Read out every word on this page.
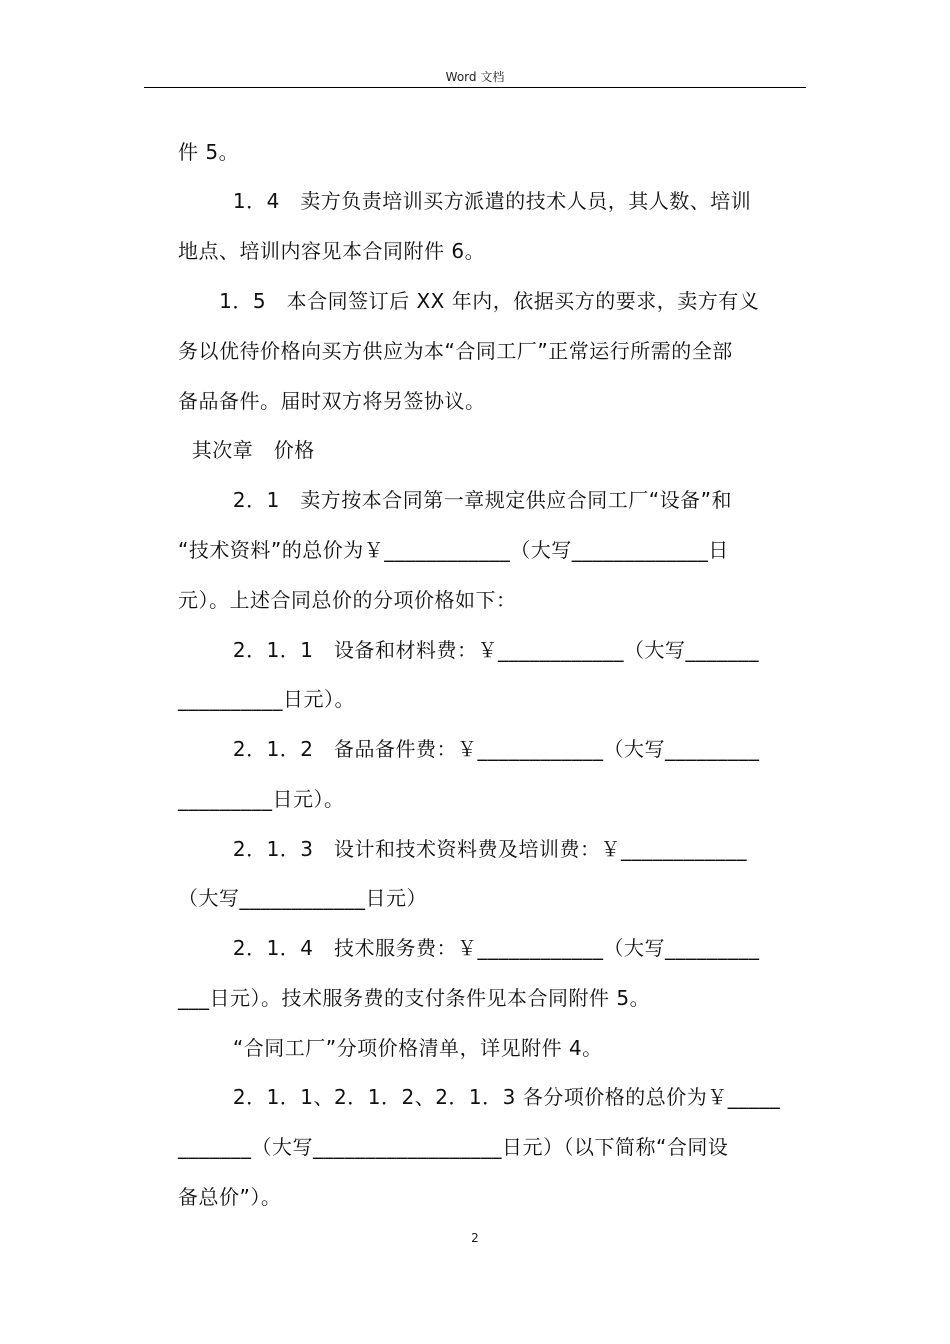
Word 文档
件 5。
1．4　卖方负责培训买方派遣的技术人员，其人数、培训
地点、培训内容见本合同附件 6。
1．5　本合同签订后 XX 年内，依据买方的要求，卖方有义
务以优待价格向买方供应为本“合同工厂”正常运行所需的全部
备品备件。届时双方将另签协议。
其次章　价格
2．1　卖方按本合同第一章规定供应合同工厂“设备”和
“技术资料”的总价为￥____________（大写_____________日
元）。上述合同总价的分项价格如下：
2．1．1　设备和材料费：￥____________（大写_______
__________日元）。
2．1．2　备品备件费：￥____________（大写_________
_________日元）。
2．1．3　设计和技术资料费及培训费：￥____________
（大写____________日元）
2．1．4　技术服务费：￥____________（大写_________
___日元）。技术服务费的支付条件见本合同附件 5。
“合同工厂”分项价格清单，详见附件 4。
2．1．1、2．1．2、2．1．3 各分项价格的总价为￥_____
_______（大写__________________日元）（以下简称“合同设
备总价”）。
2
